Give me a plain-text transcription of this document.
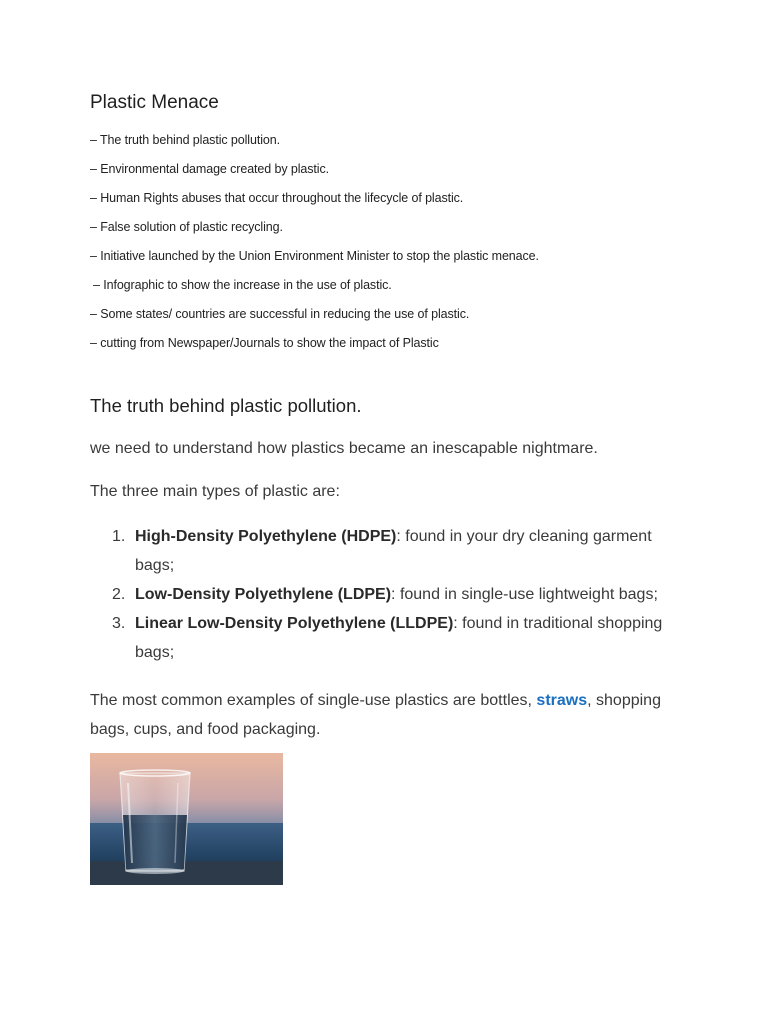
Plastic Menace
– The truth behind plastic pollution.
– Environmental damage created by plastic.
– Human Rights abuses that occur throughout the lifecycle of plastic.
– False solution of plastic recycling.
– Initiative launched by the Union Environment Minister to stop the plastic menace.
– Infographic to show the increase in the use of plastic.
– Some states/ countries are successful in reducing the use of plastic.
– cutting from Newspaper/Journals to show the impact of Plastic
The truth behind plastic pollution.

we need to understand how plastics became an inescapable nightmare.

The three main types of plastic are:

1. High-Density Polyethylene (HDPE): found in your dry cleaning garment bags;
2. Low-Density Polyethylene (LDPE): found in single-use lightweight bags;
3. Linear Low-Density Polyethylene (LLDPE): found in traditional shopping bags;

The most common examples of single-use plastics are bottles, straws, shopping bags, cups, and food packaging.
